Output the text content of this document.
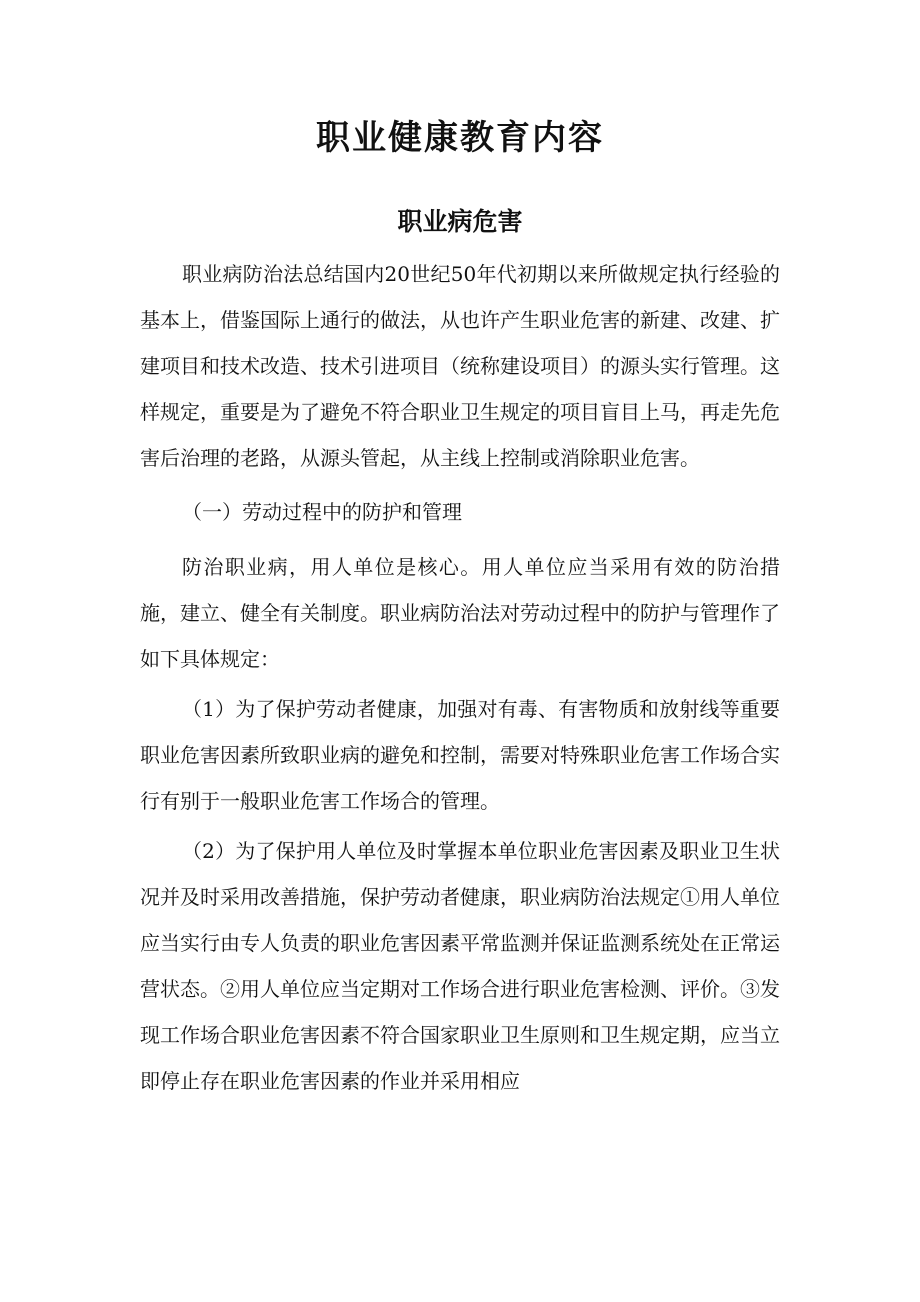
职业健康教育内容
职业病危害

职业病防治法总结国内20世纪50年代初期以来所做规定执行经验的基本上，借鉴国际上通行的做法，从也许产生职业危害的新建、改建、扩建项目和技术改造、技术引进项目（统称建设项目）的源头实行管理。这样规定，重要是为了避免不符合职业卫生规定的项目盲目上马，再走先危害后治理的老路，从源头管起，从主线上控制或消除职业危害。

（一）劳动过程中的防护和管理

防治职业病，用人单位是核心。用人单位应当采用有效的防治措施，建立、健全有关制度。职业病防治法对劳动过程中的防护与管理作了如下具体规定：

（1）为了保护劳动者健康，加强对有毒、有害物质和放射线等重要职业危害因素所致职业病的避免和控制，需要对特殊职业危害工作场合实行有别于一般职业危害工作场合的管理。

（2）为了保护用人单位及时掌握本单位职业危害因素及职业卫生状况并及时采用改善措施，保护劳动者健康，职业病防治法规定①用人单位应当实行由专人负责的职业危害因素平常监测并保证监测系统处在正常运营状态。②用人单位应当定期对工作场合进行职业危害检测、评价。③发现工作场合职业危害因素不符合国家职业卫生原则和卫生规定期，应当立即停止存在职业危害因素的作业并采用相应
